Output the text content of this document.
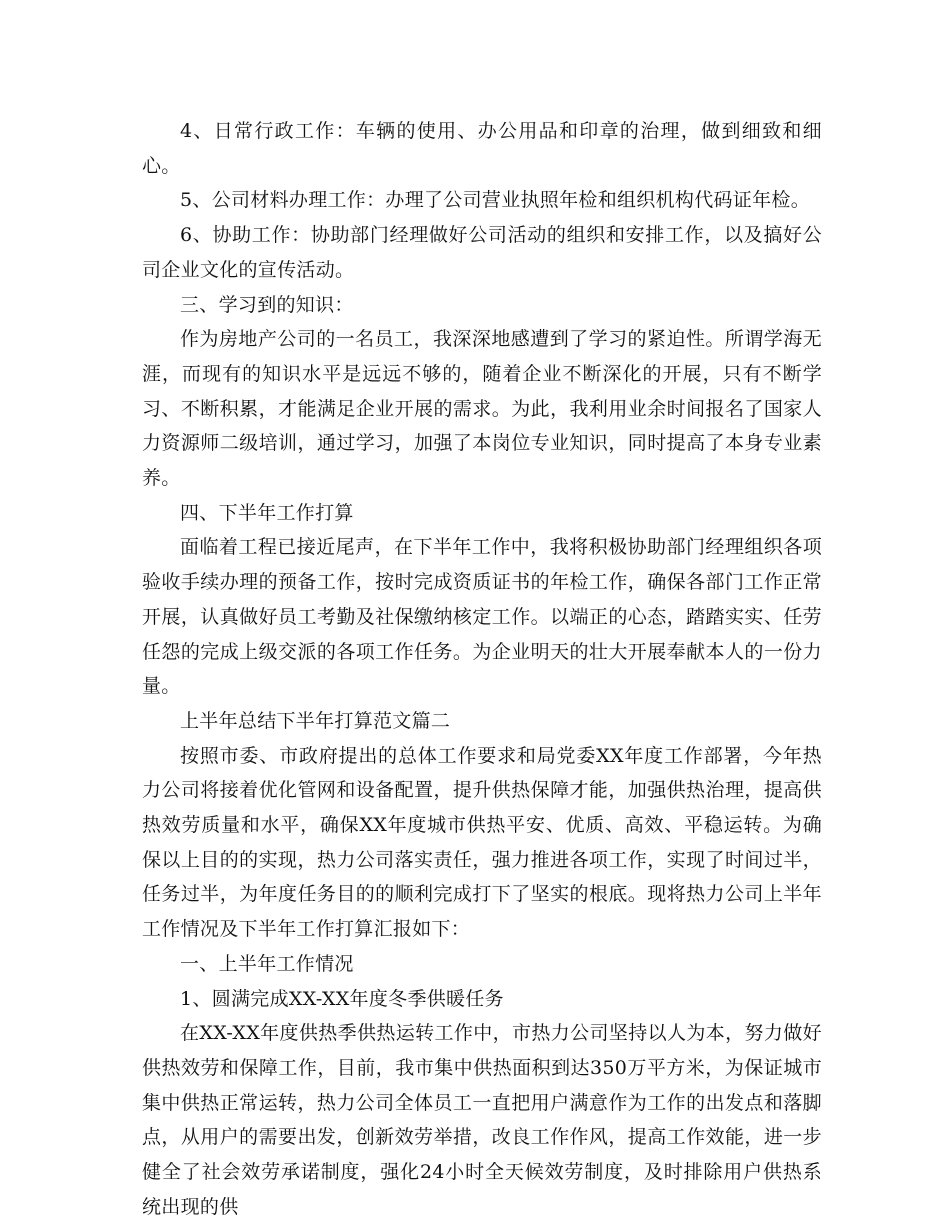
4、日常行政工作：车辆的使用、办公用品和印章的治理，做到细致和细心。

5、公司材料办理工作：办理了公司营业执照年检和组织机构代码证年检。

6、协助工作：协助部门经理做好公司活动的组织和安排工作，以及搞好公司企业文化的宣传活动。

三、学习到的知识：

作为房地产公司的一名员工，我深深地感遭到了学习的紧迫性。所谓学海无涯，而现有的知识水平是远远不够的，随着企业不断深化的开展，只有不断学习、不断积累，才能满足企业开展的需求。为此，我利用业余时间报名了国家人力资源师二级培训，通过学习，加强了本岗位专业知识，同时提高了本身专业素养。

四、下半年工作打算

面临着工程已接近尾声，在下半年工作中，我将积极协助部门经理组织各项验收手续办理的预备工作，按时完成资质证书的年检工作，确保各部门工作正常开展，认真做好员工考勤及社保缴纳核定工作。以端正的心态，踏踏实实、任劳任怨的完成上级交派的各项工作任务。为企业明天的壮大开展奉献本人的一份力量。

上半年总结下半年打算范文篇二

按照市委、市政府提出的总体工作要求和局党委XX年度工作部署，今年热力公司将接着优化管网和设备配置，提升供热保障才能，加强供热治理，提高供热效劳质量和水平，确保XX年度城市供热平安、优质、高效、平稳运转。为确保以上目的的实现，热力公司落实责任，强力推进各项工作，实现了时间过半，任务过半，为年度任务目的的顺利完成打下了坚实的根底。现将热力公司上半年工作情况及下半年工作打算汇报如下：

一、上半年工作情况

1、圆满完成XX-XX年度冬季供暖任务

在XX-XX年度供热季供热运转工作中，市热力公司坚持以人为本，努力做好供热效劳和保障工作，目前，我市集中供热面积到达350万平方米，为保证城市集中供热正常运转，热力公司全体员工一直把用户满意作为工作的出发点和落脚点，从用户的需要出发，创新效劳举措，改良工作作风，提高工作效能，进一步健全了社会效劳承诺制度，强化24小时全天候效劳制度，及时排除用户供热系统出现的供
